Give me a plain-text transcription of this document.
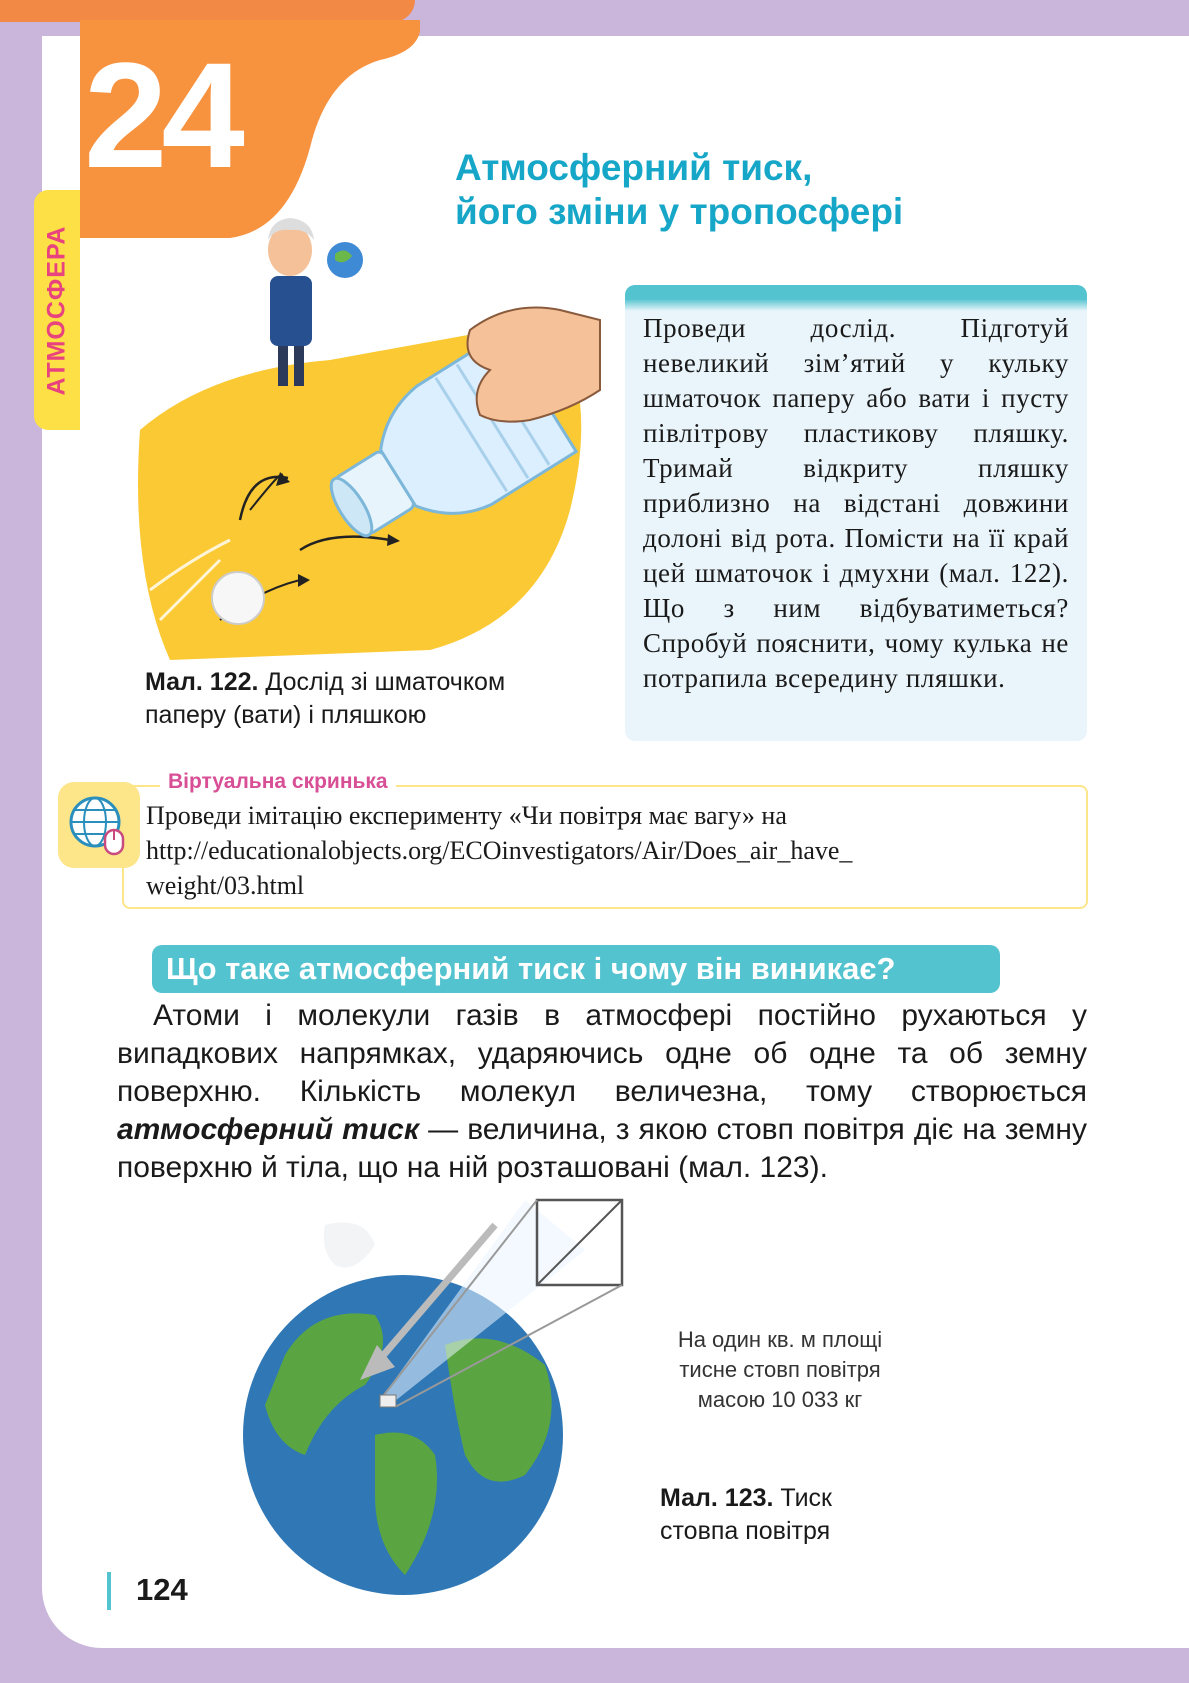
24
АТМОСФЕРА
Атмосферний тиск,
його зміни у тропосфері
Мал. 122. Дослід зі шматочком
паперу (вати) і пляшкою
Проведи дослід. Підготуй невеликий зім’ятий у кульку шматочок паперу або вати і пусту півлітрову пластикову пляшку. Тримай відкриту пляшку приблизно на відстані довжини долоні від рота. Помісти на її край цей шматочок і дмухни (мал. 122). Що з ним відбуватиметься? Спробуй пояснити, чому кулька не потрапила всередину пляшки.
Віртуальна скринька
Проведи імітацію експерименту «Чи повітря має вагу» на
http://educationalobjects.org/ECOinvestigators/Air/Does_air_have_
weight/03.html
Що таке атмосферний тиск і чому він виникає?
Атоми і молекули газів в атмосфері постійно рухаються у випадкових напрямках, ударяючись одне об одне та об земну поверхню. Кількість молекул величезна, тому створюється атмосферний тиск — величина, з якою стовп повітря діє на земну поверхню й тіла, що на ній розташовані (мал. 123).
На один кв. м площі
тисне стовп повітря
масою 10 033 кг
Мал. 123. Тиск
стовпа повітря
124
